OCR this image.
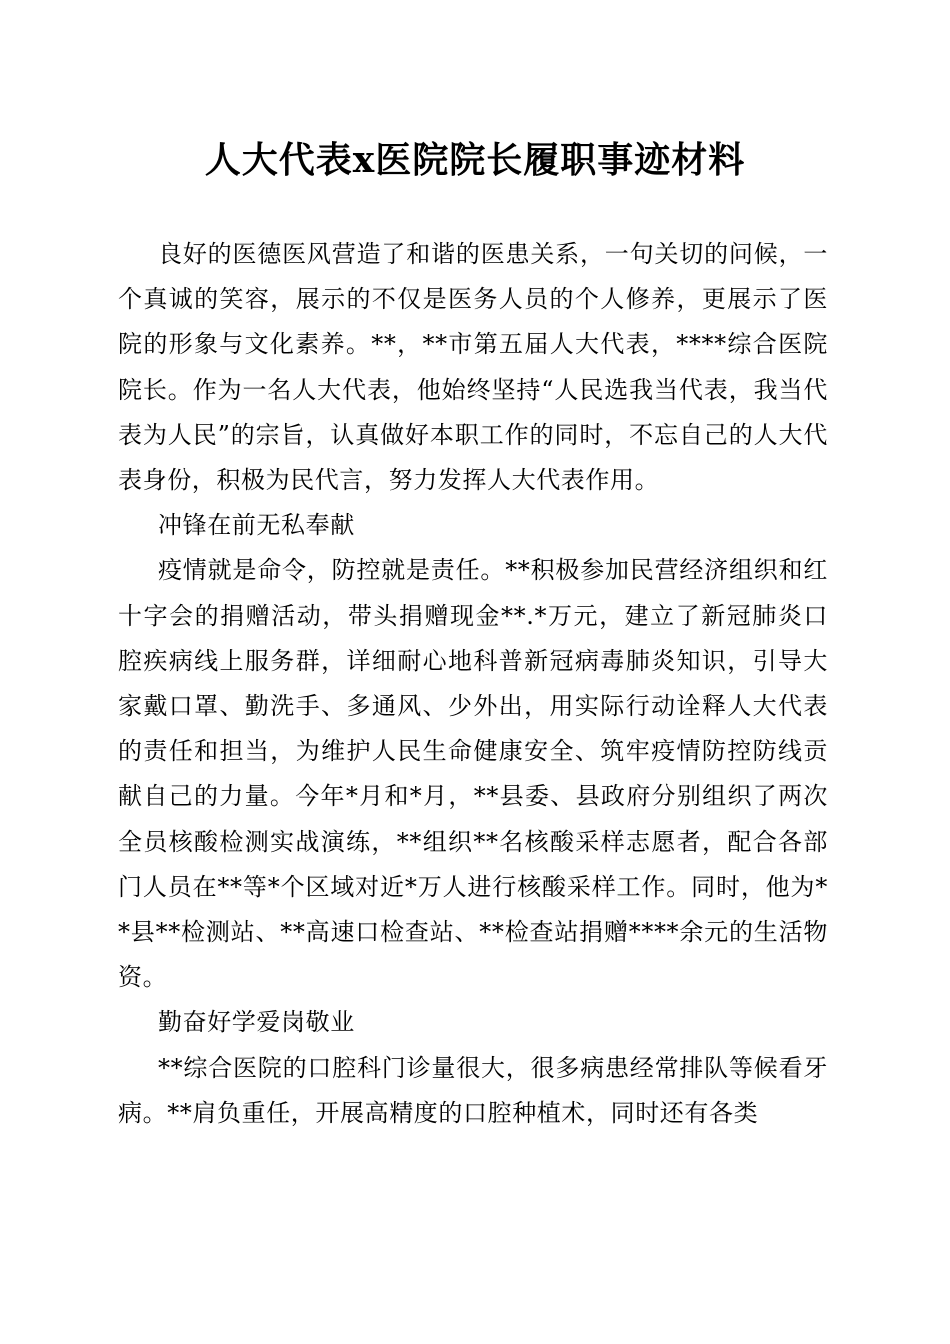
人大代表x医院院长履职事迹材料

良好的医德医风营造了和谐的医患关系，一句关切的问候，一个真诚的笑容，展示的不仅是医务人员的个人修养，更展示了医院的形象与文化素养。**，**市第五届人大代表，****综合医院院长。作为一名人大代表，他始终坚持“人民选我当代表，我当代表为人民”的宗旨，认真做好本职工作的同时，不忘自己的人大代表身份，积极为民代言，努力发挥人大代表作用。

冲锋在前无私奉献

疫情就是命令，防控就是责任。**积极参加民营经济组织和红十字会的捐赠活动，带头捐赠现金**.*万元，建立了新冠肺炎口腔疾病线上服务群，详细耐心地科普新冠病毒肺炎知识，引导大家戴口罩、勤洗手、多通风、少外出，用实际行动诠释人大代表的责任和担当，为维护人民生命健康安全、筑牢疫情防控防线贡献自己的力量。今年*月和*月，**县委、县政府分别组织了两次全员核酸检测实战演练，**组织**名核酸采样志愿者，配合各部门人员在**等*个区域对近*万人进行核酸采样工作。同时，他为**县**检测站、**高速口检查站、**检查站捐赠****余元的生活物资。

勤奋好学爱岗敬业

**综合医院的口腔科门诊量很大，很多病患经常排队等候看牙病。**肩负重任，开展高精度的口腔种植术，同时还有各类
